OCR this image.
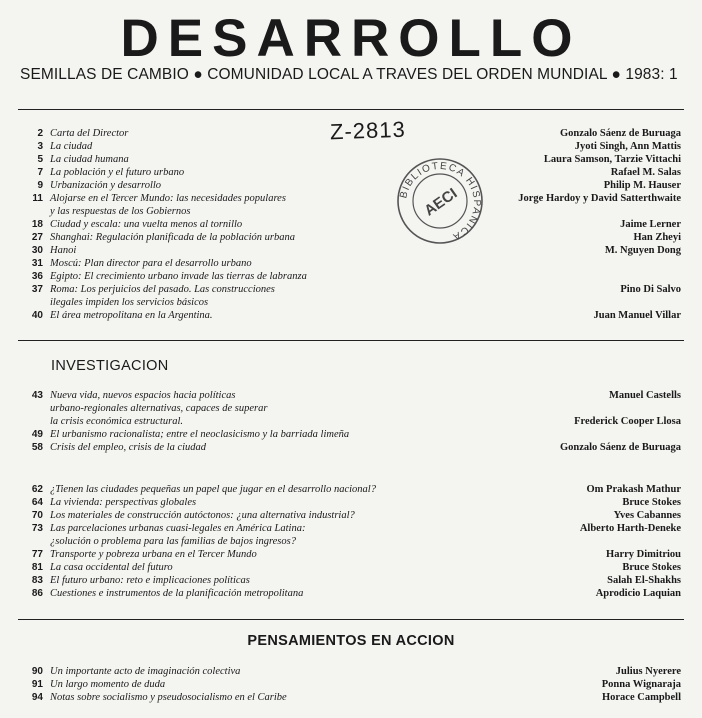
DESARROLLO
SEMILLAS DE CAMBIO ● COMUNIDAD LOCAL A TRAVES DEL ORDEN MUNDIAL ● 1983: 1
Z-2813
BIBLIOTECA HISPANICA
AECI
2 Carta del Director	Gonzalo Sáenz de Buruaga
3 La ciudad	Jyoti Singh, Ann Mattis
5 La ciudad humana	Laura Samson, Tarzie Vittachi
7 La población y el futuro urbano	Rafael M. Salas
9 Urbanización y desarrollo	Philip M. Hauser
11 Alojarse en el Tercer Mundo: las necesidades populares	Jorge Hardoy y David Satterthwaite
y las respuestas de los Gobiernos
18 Ciudad y escala: una vuelta menos al tornillo	Jaime Lerner
27 Shanghai: Regulación planificada de la población urbana	Han Zheyi
30 Hanoi	M. Nguyen Dong
31 Moscú: Plan director para el desarrollo urbano
36 Egipto: El crecimiento urbano invade las tierras de labranza
37 Roma: Los perjuicios del pasado. Las construcciones	Pino Di Salvo
ilegales impiden los servicios básicos
40 El área metropolitana en la Argentina.	Juan Manuel Villar
INVESTIGACION
43 Nueva vida, nuevos espacios hacia políticas	Manuel Castells
urbano-regionales alternativas, capaces de superar
la crisis económica estructural.	Frederick Cooper Llosa
49 El urbanismo racionalista; entre el neoclasicismo y la barriada limeña
58 Crisis del empleo, crisis de la ciudad	Gonzalo Sáenz de Buruaga
62 ¿Tienen las ciudades pequeñas un papel que jugar en el desarrollo nacional?	Om Prakash Mathur
64 La vivienda: perspectivas globales	Bruce Stokes
70 Los materiales de construcción autóctonos: ¿una alternativa industrial?	Yves Cabannes
73 Las parcelaciones urbanas cuasi-legales en América Latina:	Alberto Harth-Deneke
¿solución o problema para las familias de bajos ingresos?
77 Transporte y pobreza urbana en el Tercer Mundo	Harry Dimitriou
81 La casa occidental del futuro	Bruce Stokes
83 El futuro urbano: reto e implicaciones políticas	Salah El-Shakhs
86 Cuestiones e instrumentos de la planificación metropolitana	Aprodicio Laquian
PENSAMIENTOS EN ACCION
90 Un importante acto de imaginación colectiva	Julius Nyerere
91 Un largo momento de duda	Ponna Wignaraja
94 Notas sobre socialismo y pseudosocialismo en el Caribe	Horace Campbell
